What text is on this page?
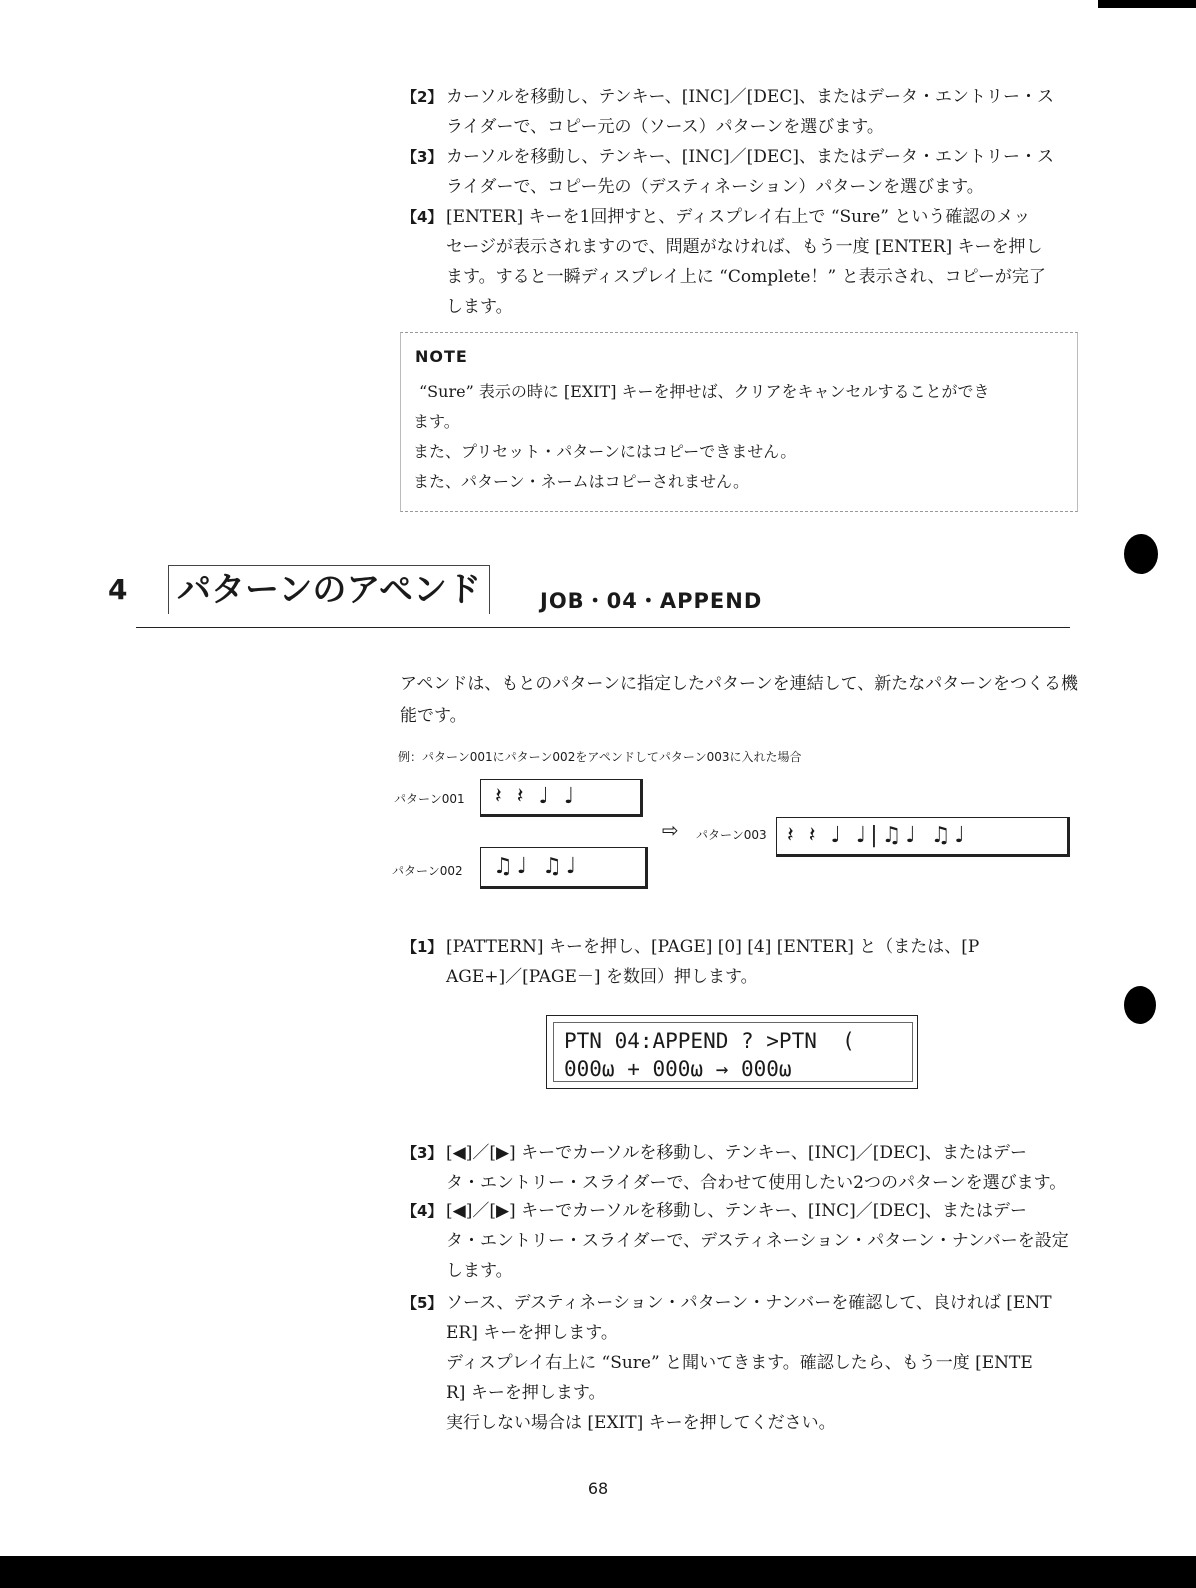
【2】 カーソルを移動し、テンキー、[INC]／[DEC]、またはデータ・エントリー・ス
ライダーで、コピー元の（ソース）パターンを選びます。
【3】 カーソルを移動し、テンキー、[INC]／[DEC]、またはデータ・エントリー・ス
ライダーで、コピー先の（デスティネーション）パターンを選びます。
【4】 [ENTER] キーを1回押すと、ディスプレイ右上で “Sure” という確認のメッ
セージが表示されますので、問題がなければ、もう一度 [ENTER] キーを押し
ます。すると一瞬ディスプレイ上に “Complete！” と表示され、コピーが完了
します。
NOTE
“Sure” 表示の時に [EXIT] キーを押せば、クリアをキャンセルすることができ
ます。
また、プリセット・パターンにはコピーできません。
また、パターン・ネームはコピーされません。
4 パターンのアペンド	JOB・04・APPEND
アペンドは、もとのパターンに指定したパターンを連結して、新たなパターンをつくる機
能です。
例：パターン001にパターン002をアペンドしてパターン003に入れた場合
パターン001 𝄽 𝄽 ♩ ♩
⇨ パターン003 𝄽 𝄽 ♩ ♩|♫♩ ♫♩
パターン002 ♫♩ ♫♩
【1】 [PATTERN] キーを押し、[PAGE] [0] [4] [ENTER] と（または、[P
AGE+]／[PAGE－] を数回）押します。
PTN 04:APPEND ? >PTN  (
000ω + 000ω → 000ω
【3】 [◀]／[▶] キーでカーソルを移動し、テンキー、[INC]／[DEC]、またはデー
タ・エントリー・スライダーで、合わせて使用したい2つのパターンを選びます。
【4】 [◀]／[▶] キーでカーソルを移動し、テンキー、[INC]／[DEC]、またはデー
タ・エントリー・スライダーで、デスティネーション・パターン・ナンバーを設定
します。
【5】 ソース、デスティネーション・パターン・ナンバーを確認して、良ければ [ENT
ER] キーを押します。
ディスプレイ右上に “Sure” と聞いてきます。確認したら、もう一度 [ENTE
R] キーを押します。
実行しない場合は [EXIT] キーを押してください。
68
